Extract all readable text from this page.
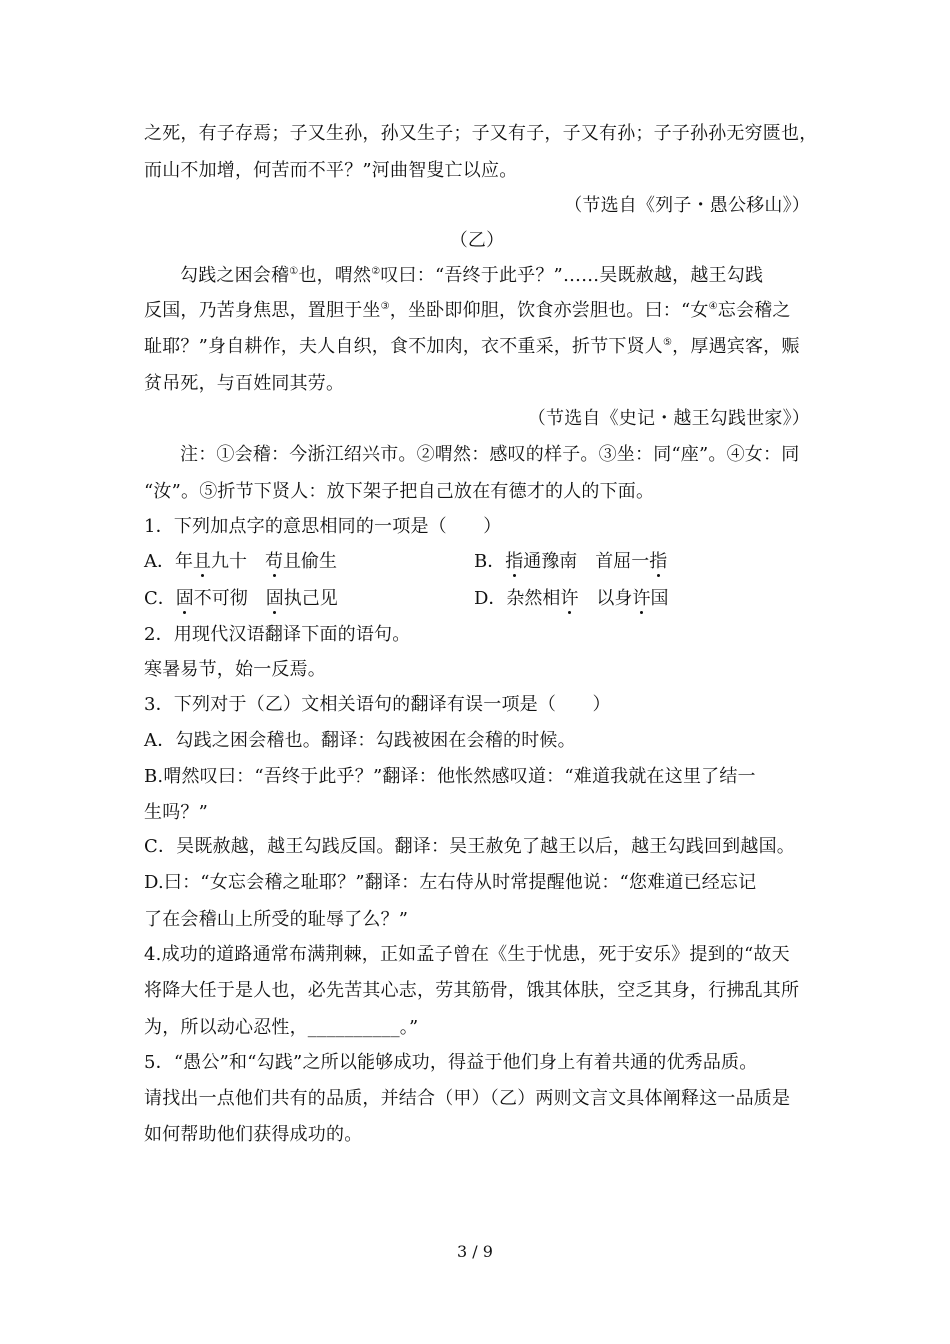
之死，有子存焉；子又生孙，孙又生子；子又有子，子又有孙；子子孙孙无穷匮也，
而山不加增，何苦而不平？”河曲智叟亡以应。
（节选自《列子・愚公移山》）
（乙）
勾践之困会稽①也，喟然②叹曰：“吾终于此乎？”……吴既赦越，越王勾践
反国，乃苦身焦思，置胆于坐③，坐卧即仰胆，饮食亦尝胆也。曰：“女④忘会稽之
耻耶？”身自耕作，夫人自织，食不加肉，衣不重采，折节下贤人⑤，厚遇宾客，赈
贫吊死，与百姓同其劳。
（节选自《史记・越王勾践世家》）
注：①会稽：今浙江绍兴市。②喟然：感叹的样子。③坐：同“座”。④女：同
“汝”。⑤折节下贤人：放下架子把自己放在有德才的人的下面。
1．下列加点字的意思相同的一项是（　　）
A．年且九十　苟且偷生	B．指通豫南　首屈一指
C．固不可彻　固执己见	D．杂然相许　以身许国
2．用现代汉语翻译下面的语句。
寒暑易节，始一反焉。
3．下列对于（乙）文相关语句的翻译有误一项是（　　）
A．勾践之困会稽也。翻译：勾践被困在会稽的时候。
B.喟然叹曰：“吾终于此乎？”翻译：他怅然感叹道：“难道我就在这里了结一
生吗？”
C．吴既赦越，越王勾践反国。翻译：吴王赦免了越王以后，越王勾践回到越国。
D.曰：“女忘会稽之耻耶？”翻译：左右侍从时常提醒他说：“您难道已经忘记
了在会稽山上所受的耻辱了么？”
4.成功的道路通常布满荆棘，正如孟子曾在《生于忧患，死于安乐》提到的“故天
将降大任于是人也，必先苦其心志，劳其筋骨，饿其体肤，空乏其身，行拂乱其所
为，所以动心忍性，__________。”
5．“愚公”和“勾践”之所以能够成功，得益于他们身上有着共通的优秀品质。
请找出一点他们共有的品质，并结合（甲）（乙）两则文言文具体阐释这一品质是
如何帮助他们获得成功的。
3 / 9
